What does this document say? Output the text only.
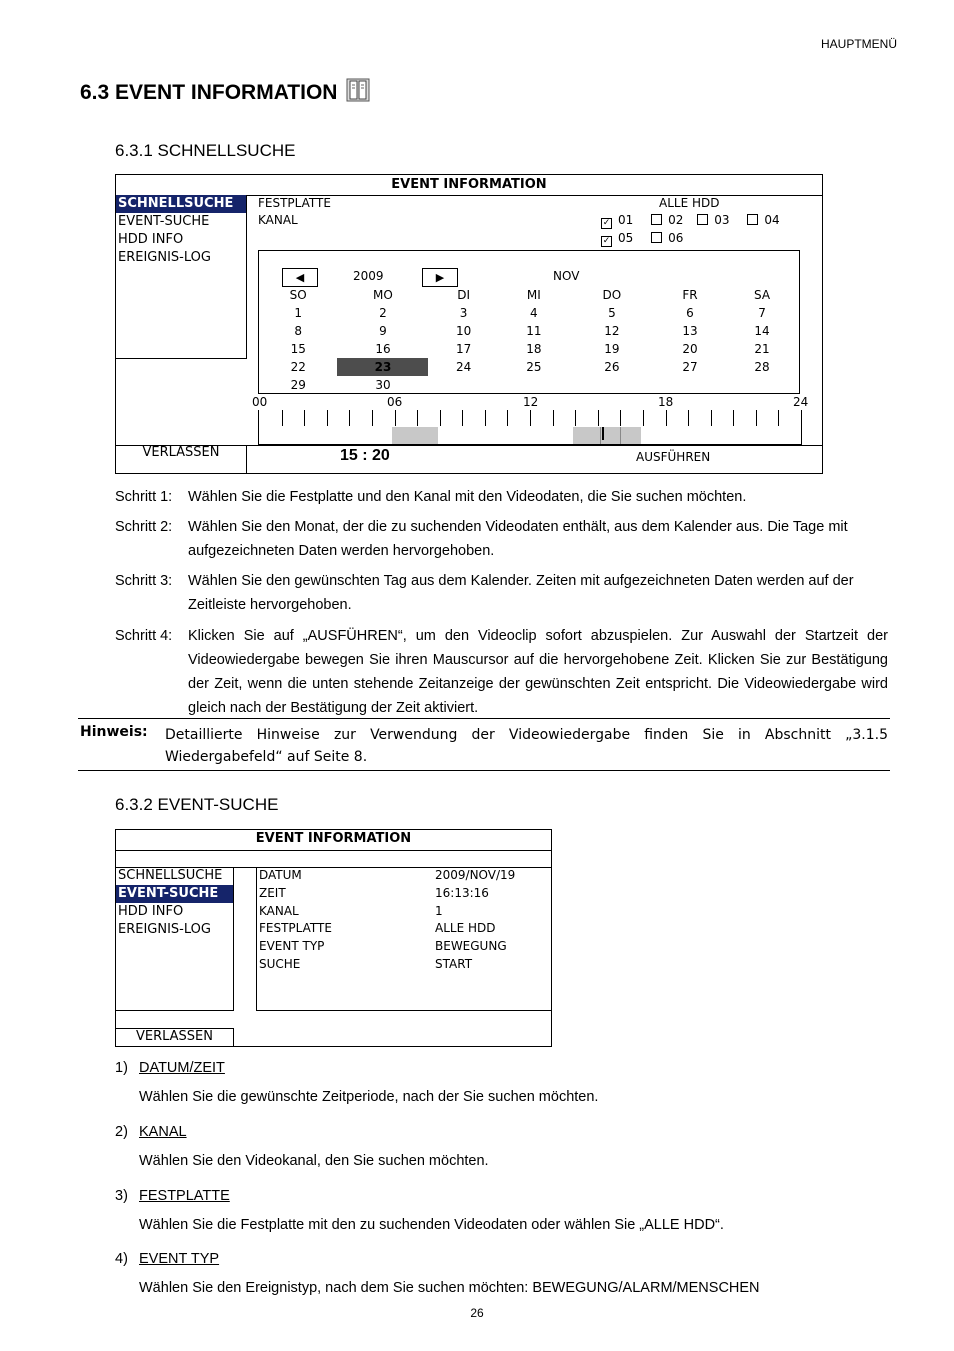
HAUPTMENÜ
6.3 EVENT INFORMATION
6.3.1 SCHNELLSUCHE
EVENT INFORMATION
SCHNELLSUCHE
EVENT-SUCHE
HDD INFO
EREIGNIS-LOG
VERLASSEN
FESTPLATTE	ALLE HDD
KANAL	✓ 01	02	03	04
✓ 05	06
◀	2009	▶	NOV
SO	MO	DI	MI	DO	FR	SA
1	2	3	4	5	6	7
8	9	10	11	12	13	14
15	16	17	18	19	20	21
22	23	24	25	26	27	28
29	30					
00	06	12	18	24
15 : 20	AUSFÜHREN
Schritt 1: Wählen Sie die Festplatte und den Kanal mit den Videodaten, die Sie suchen möchten.
Schritt 2: Wählen Sie den Monat, der die zu suchenden Videodaten enthält, aus dem Kalender aus. Die Tage mit aufgezeichneten Daten werden hervorgehoben.
Schritt 3: Wählen Sie den gewünschten Tag aus dem Kalender. Zeiten mit aufgezeichneten Daten werden auf der Zeitleiste hervorgehoben.
Schritt 4: Klicken Sie auf „AUSFÜHREN“, um den Videoclip sofort abzuspielen. Zur Auswahl der Startzeit der Videowiedergabe bewegen Sie ihren Mauscursor auf die hervorgehobene Zeit. Klicken Sie zur Bestätigung der Zeit, wenn die unten stehende Zeitanzeige der gewünschten Zeit entspricht. Die Videowiedergabe wird gleich nach der Bestätigung der Zeit aktiviert.
Hinweis: Detaillierte Hinweise zur Verwendung der Videowiedergabe finden Sie in Abschnitt „3.1.5 Wiedergabefeld“ auf Seite 8.
6.3.2 EVENT-SUCHE
EVENT INFORMATION
SCHNELLSUCHE
EVENT-SUCHE
HDD INFO
EREIGNIS-LOG
DATUM	2009/NOV/19
ZEIT	16:13:16
KANAL	1
FESTPLATTE	ALLE HDD
EVENT TYP	BEWEGUNG
SUCHE	START
VERLASSEN
1) DATUM/ZEIT
Wählen Sie die gewünschte Zeitperiode, nach der Sie suchen möchten.
2) KANAL
Wählen Sie den Videokanal, den Sie suchen möchten.
3) FESTPLATTE
Wählen Sie die Festplatte mit den zu suchenden Videodaten oder wählen Sie „ALLE HDD“.
4) EVENT TYP
Wählen Sie den Ereignistyp, nach dem Sie suchen möchten: BEWEGUNG/ALARM/MENSCHEN
26
